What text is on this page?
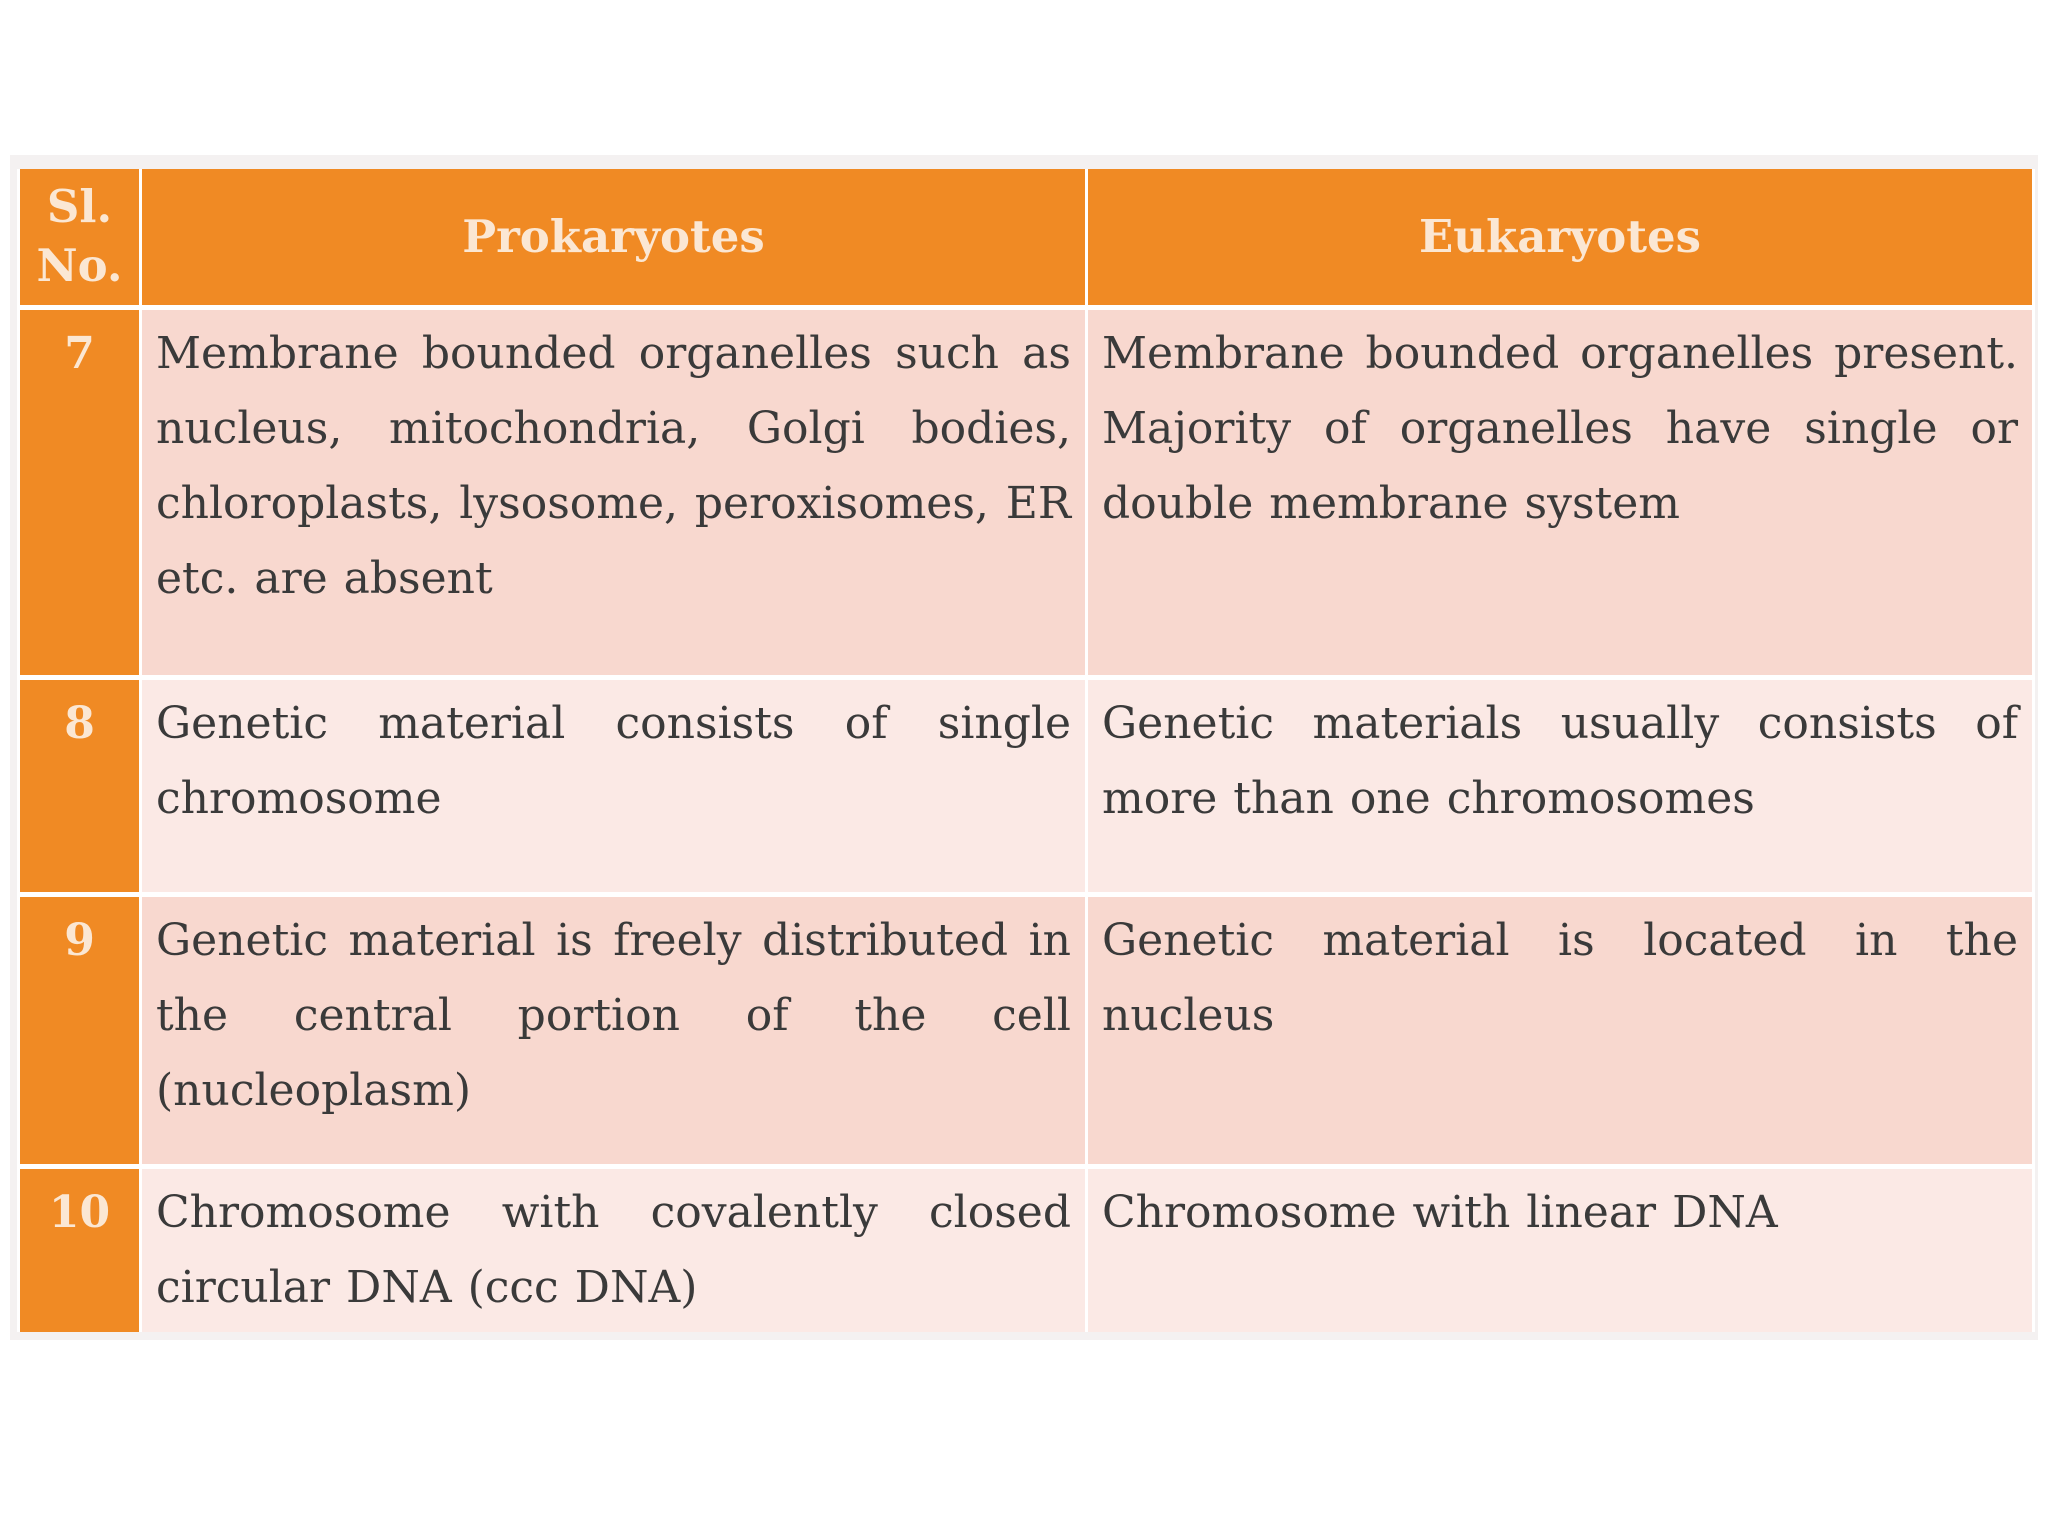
Sl. No.	Prokaryotes	Eukaryotes
7	Membrane bounded organelles such as nucleus, mitochondria, Golgi bodies, chloroplasts, lysosome, peroxisomes, ER etc. are absent	Membrane bounded organelles present. Majority of organelles have single or double membrane system
8	Genetic material consists of single chromosome	Genetic materials usually consists of more than one chromosomes
9	Genetic material is freely distributed in the central portion of the cell (nucleoplasm)	Genetic material is located in the nucleus
10	Chromosome with covalently closed circular DNA (ccc DNA)	Chromosome with linear DNA
